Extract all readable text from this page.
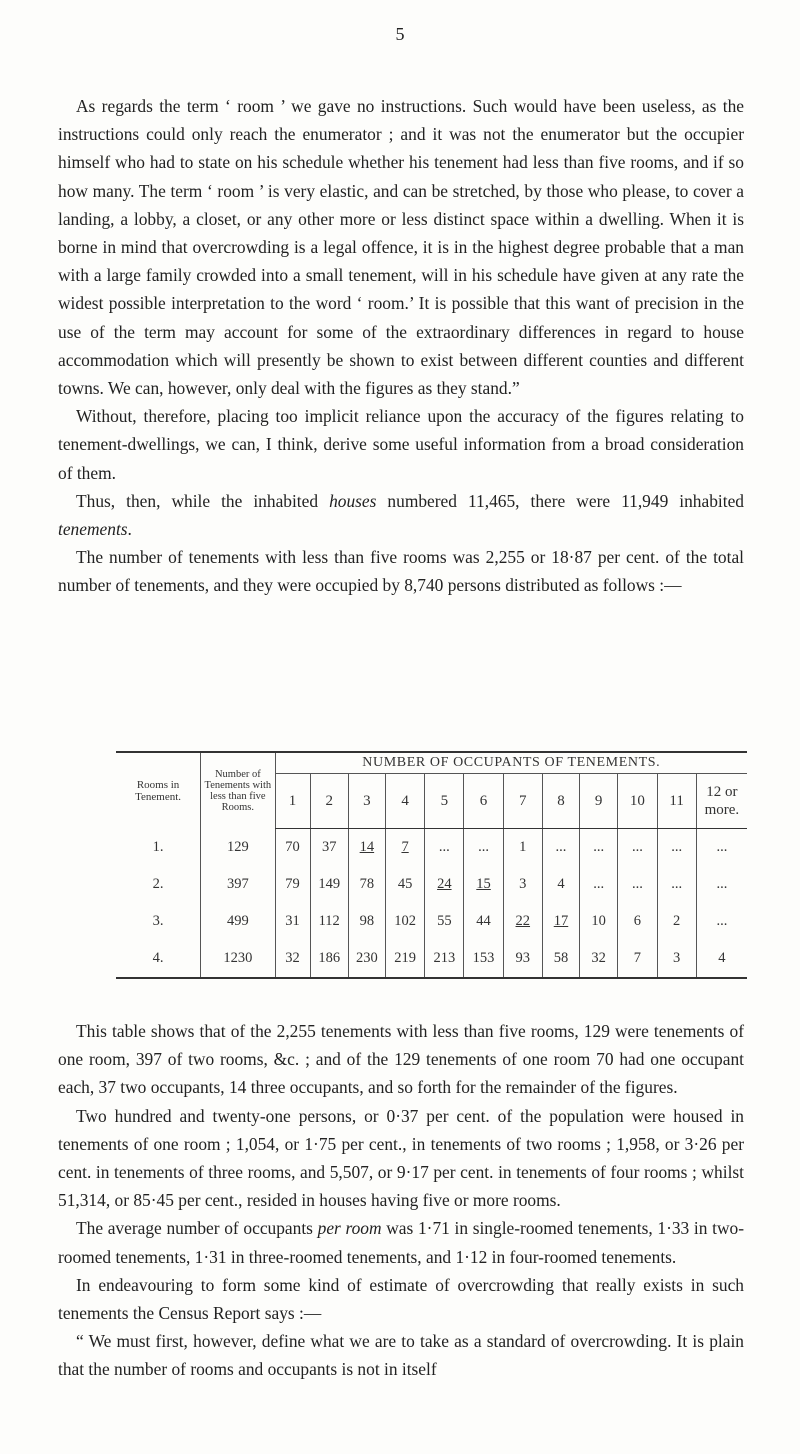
5

As regards the term ‘ room ’ we gave no instructions. Such would have been useless, as the instructions could only reach the enumerator ; and it was not the enumerator but the occupier himself who had to state on his schedule whether his tenement had less than five rooms, and if so how many. The term ‘ room ’ is very elastic, and can be stretched, by those who please, to cover a landing, a lobby, a closet, or any other more or less distinct space within a dwelling. When it is borne in mind that overcrowding is a legal offence, it is in the highest degree probable that a man with a large family crowded into a small tenement, will in his schedule have given at any rate the widest possible interpretation to the word ‘ room.’ It is possible that this want of precision in the use of the term may account for some of the extraordinary differences in regard to house accommodation which will presently be shown to exist between different counties and different towns. We can, however, only deal with the figures as they stand.”

Without, therefore, placing too implicit reliance upon the accuracy of the figures relating to tenement-dwellings, we can, I think, derive some useful information from a broad consideration of them.

Thus, then, while the inhabited houses numbered 11,465, there were 11,949 inhabited tenements.

The number of tenements with less than five rooms was 2,255 or 18·87 per cent. of the total number of tenements, and they were occupied by 8,740 persons distributed as follows :—

Rooms in Tenement.	Number of Tenements with less than five Rooms.	NUMBER OF OCCUPANTS OF TENEMENTS.											
		1	2	3	4	5	6	7	8	9	10	11	12 or more.
1.	129	70	37	14	7	...	...	1	...	...	...	...	...
2.	397	79	149	78	45	24	15	3	4	...	...	...	...
3.	499	31	112	98	102	55	44	22	17	10	6	2	...
4.	1230	32	186	230	219	213	153	93	58	32	7	3	4

This table shows that of the 2,255 tenements with less than five rooms, 129 were tenements of one room, 397 of two rooms, &c. ; and of the 129 tenements of one room 70 had one occupant each, 37 two occupants, 14 three occupants, and so forth for the remainder of the figures.

Two hundred and twenty-one persons, or 0·37 per cent. of the population were housed in tenements of one room ; 1,054, or 1·75 per cent., in tenements of two rooms ; 1,958, or 3·26 per cent. in tenements of three rooms, and 5,507, or 9·17 per cent. in tenements of four rooms ; whilst 51,314, or 85·45 per cent., resided in houses having five or more rooms.

The average number of occupants per room was 1·71 in single-roomed tenements, 1·33 in two-roomed tenements, 1·31 in three-roomed tenements, and 1·12 in four-roomed tenements.

In endeavouring to form some kind of estimate of overcrowding that really exists in such tenements the Census Report says :—

“ We must first, however, define what we are to take as a standard of overcrowding. It is plain that the number of rooms and occupants is not in itself
